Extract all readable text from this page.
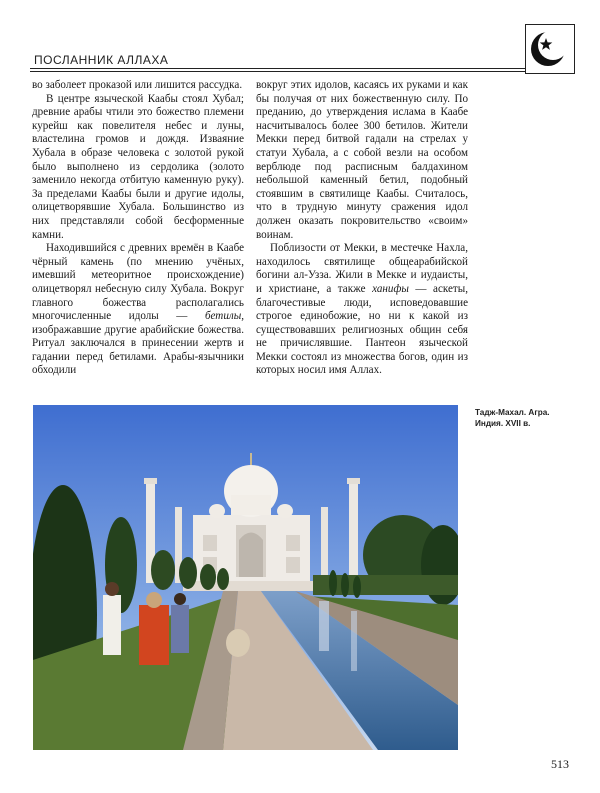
ПОСЛАННИК АЛЛАХА

во заболеет проказой или лишится рассудка.

В центре языческой Каабы стоял Хубал; древние арабы чтили это божество племени курейш как повелителя небес и луны, властелина громов и дождя. Изваяние Хубала в образе человека с золотой рукой было выполнено из сердолика (золото заменило некогда отбитую каменную руку). За пределами Каабы были и другие идолы, олицетворявшие Хубала. Большинство из них представляли собой бесформенные камни.

Находившийся с древних времён в Каабе чёрный камень (по мнению учёных, имевший метеоритное происхождение) олицетворял небесную силу Хубала. Вокруг главного божества располагались многочисленные идолы — бетилы, изображавшие другие арабийские божества. Ритуал заключался в принесении жертв и гадании перед бетилами. Арабы-язычники обходили

вокруг этих идолов, касаясь их руками и как бы получая от них божественную силу. По преданию, до утверждения ислама в Каабе насчитывалось более 300 бетилов. Жители Мекки перед битвой гадали на стрелах у статуи Хубала, а с собой везли на особом верблюде под расписным балдахином небольшой каменный бетил, подобный стоявшим в святилище Каабы. Считалось, что в трудную минуту сражения идол должен оказать покровительство «своим» воинам.

Поблизости от Мекки, в местечке Нахла, находилось святилище общеарабийской богини ал-Узза. Жили в Мекке и иудаисты, и христиане, а также ханифы — аскеты, благочестивые люди, исповедовавшие строгое единобожие, но ни к какой из существовавших религиозных общин себя не причислявшие. Пантеон языческой Мекки состоял из множества богов, один из которых носил имя Аллах.

Тадж-Махал. Агра.
Индия. XVII в.
513
